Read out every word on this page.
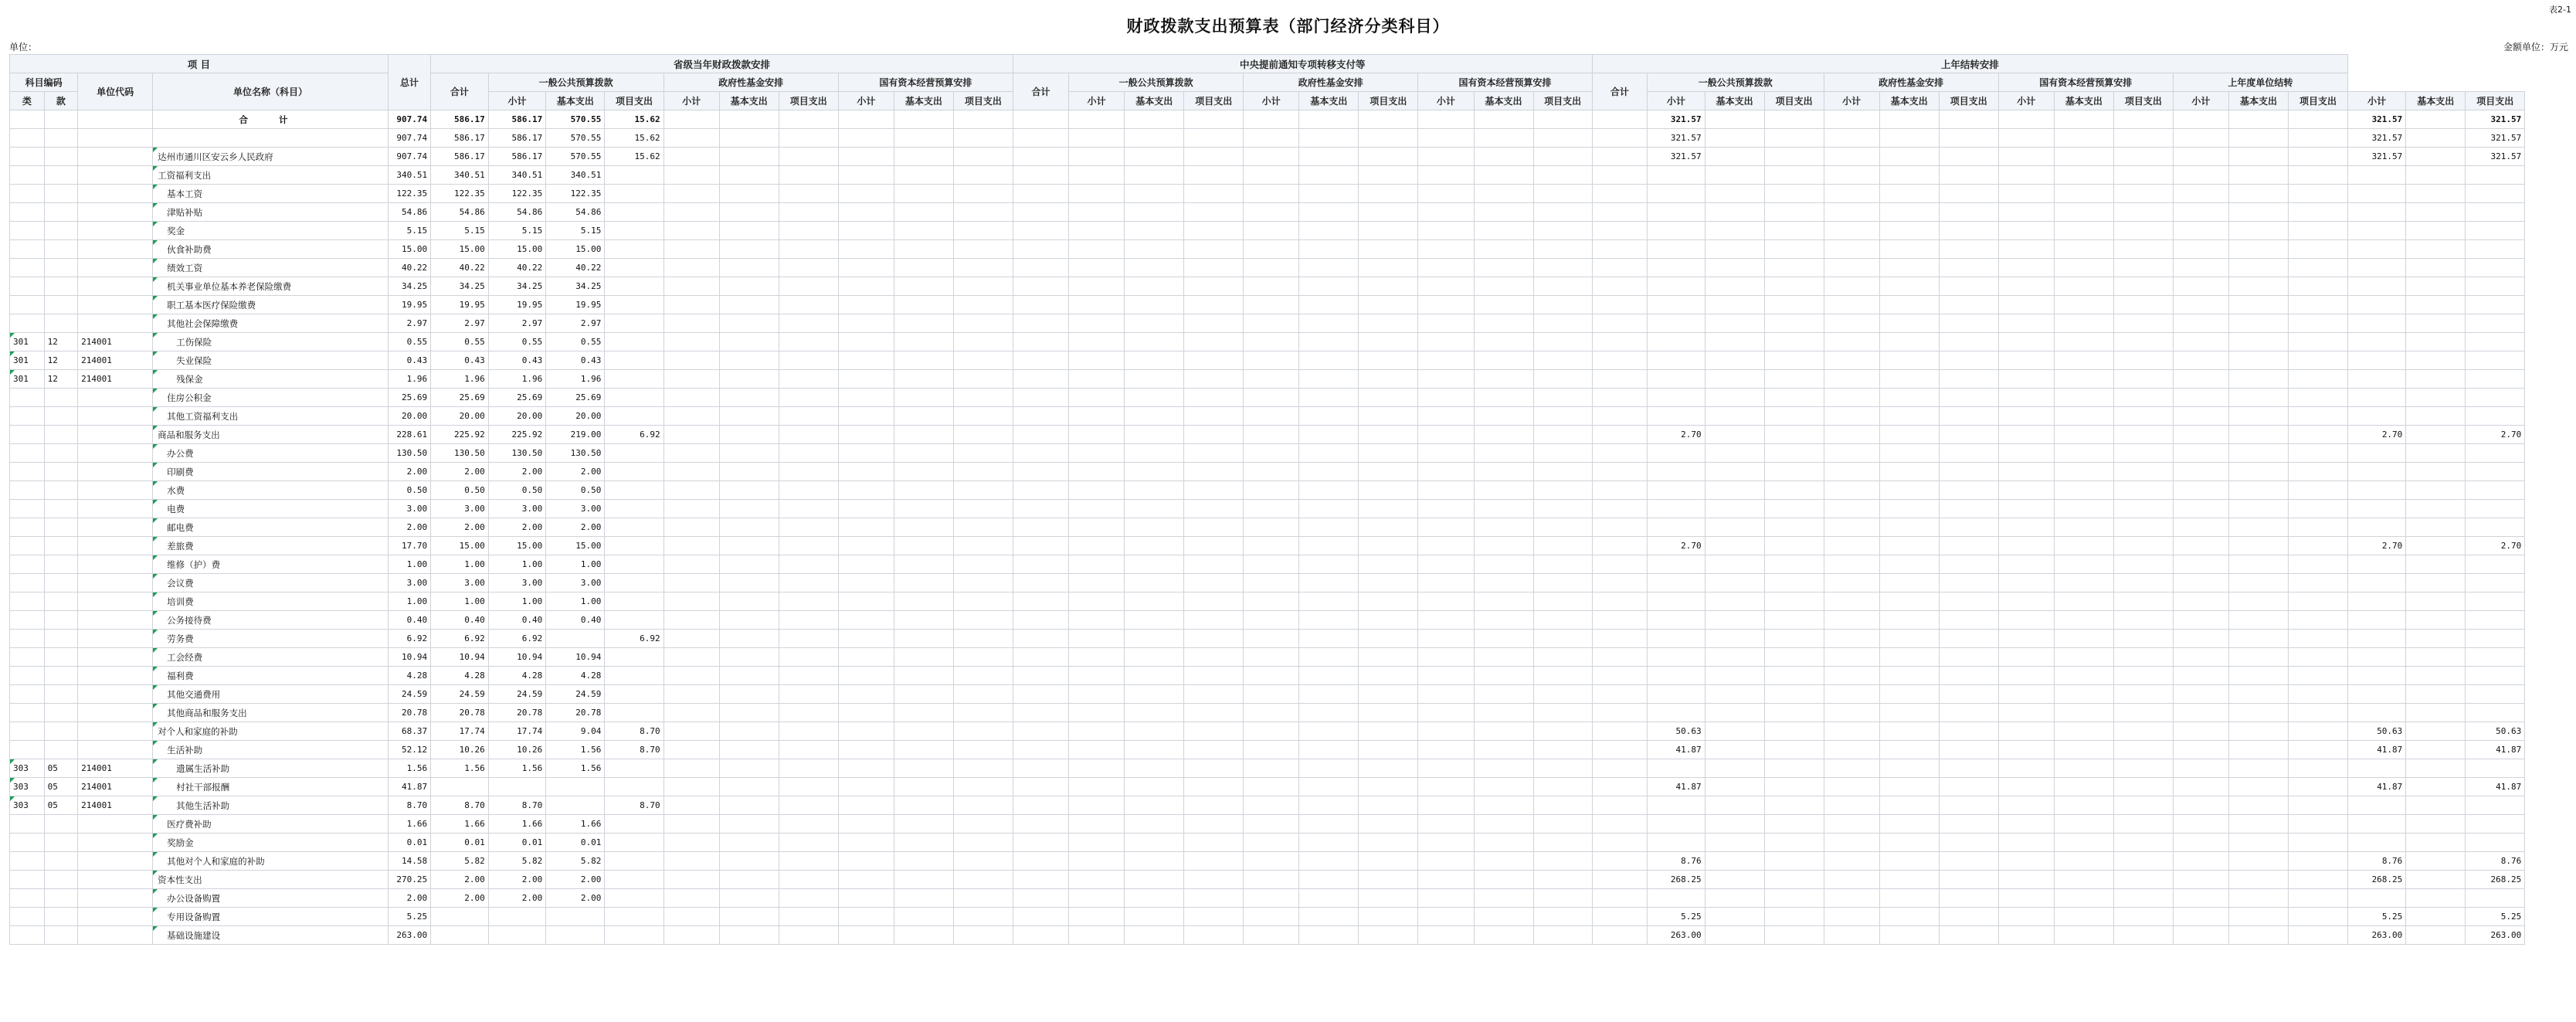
财政拨款支出预算表（部门经济分类科目）
表2-1
单位：	金额单位：万元
项 目				总计	省级当年财政拨款安排										中央提前通知专项转移支付等										上年结转安排															
科目编码		单位代码	单位名称（科目）		合计	一般公共预算拨款			政府性基金安排			国有资本经营预算安排			合计	一般公共预算拨款			政府性基金安排			国有资本经营预算安排			合计	一般公共预算拨款			政府性基金安排			国有资本经营预算安排			上年度单位结转					
类	款					小计	基本支出	项目支出	小计	基本支出	项目支出	小计	基本支出	项目支出		小计	基本支出	项目支出	小计	基本支出	项目支出	小计	基本支出	项目支出		小计	基本支出	项目支出	小计	基本支出	项目支出	小计	基本支出	项目支出	小计	基本支出	项目支出	小计	基本支出	项目支出
			合 计	907.74	586.17	586.17	570.55	15.62																		321.57												321.57		321.57
				907.74	586.17	586.17	570.55	15.62																		321.57												321.57		321.57
			达州市通川区安云乡人民政府	907.74	586.17	586.17	570.55	15.62																		321.57												321.57		321.57
			工资福利支出	340.51	340.51	340.51	340.51																																	
			基本工资	122.35	122.35	122.35	122.35																																	
			津贴补贴	54.86	54.86	54.86	54.86																																	
			奖金	5.15	5.15	5.15	5.15																																	
			伙食补助费	15.00	15.00	15.00	15.00																																	
			绩效工资	40.22	40.22	40.22	40.22																																	
			机关事业单位基本养老保险缴费	34.25	34.25	34.25	34.25																																	
			职工基本医疗保险缴费	19.95	19.95	19.95	19.95																																	
			其他社会保障缴费	2.97	2.97	2.97	2.97																																	
301	12	214001	工伤保险	0.55	0.55	0.55	0.55																																	
301	12	214001	失业保险	0.43	0.43	0.43	0.43																																	
301	12	214001	残保金	1.96	1.96	1.96	1.96																																	
			住房公积金	25.69	25.69	25.69	25.69																																	
			其他工资福利支出	20.00	20.00	20.00	20.00																																	
			商品和服务支出	228.61	225.92	225.92	219.00	6.92																		2.70												2.70		2.70
			办公费	130.50	130.50	130.50	130.50																																	
			印刷费	2.00	2.00	2.00	2.00																																	
			水费	0.50	0.50	0.50	0.50																																	
			电费	3.00	3.00	3.00	3.00																																	
			邮电费	2.00	2.00	2.00	2.00																																	
			差旅费	17.70	15.00	15.00	15.00																			2.70												2.70		2.70
			维修（护）费	1.00	1.00	1.00	1.00																																	
			会议费	3.00	3.00	3.00	3.00																																	
			培训费	1.00	1.00	1.00	1.00																																	
			公务接待费	0.40	0.40	0.40	0.40																																	
			劳务费	6.92	6.92	6.92		6.92																																
			工会经费	10.94	10.94	10.94	10.94																																	
			福利费	4.28	4.28	4.28	4.28																																	
			其他交通费用	24.59	24.59	24.59	24.59																																	
			其他商品和服务支出	20.78	20.78	20.78	20.78																																	
			对个人和家庭的补助	68.37	17.74	17.74	9.04	8.70																		50.63												50.63		50.63
			生活补助	52.12	10.26	10.26	1.56	8.70																		41.87												41.87		41.87
303	05	214001	遗属生活补助	1.56	1.56	1.56	1.56																																	
303	05	214001	村社干部报酬	41.87																						41.87												41.87		41.87
303	05	214001	其他生活补助	8.70	8.70	8.70		8.70																																
			医疗费补助	1.66	1.66	1.66	1.66																																	
			奖励金	0.01	0.01	0.01	0.01																																	
			其他对个人和家庭的补助	14.58	5.82	5.82	5.82																			8.76												8.76		8.76
			资本性支出	270.25	2.00	2.00	2.00																			268.25												268.25		268.25
			办公设备购置	2.00	2.00	2.00	2.00																																	
			专用设备购置	5.25																						5.25												5.25		5.25
			基础设施建设	263.00																						263.00												263.00		263.00
